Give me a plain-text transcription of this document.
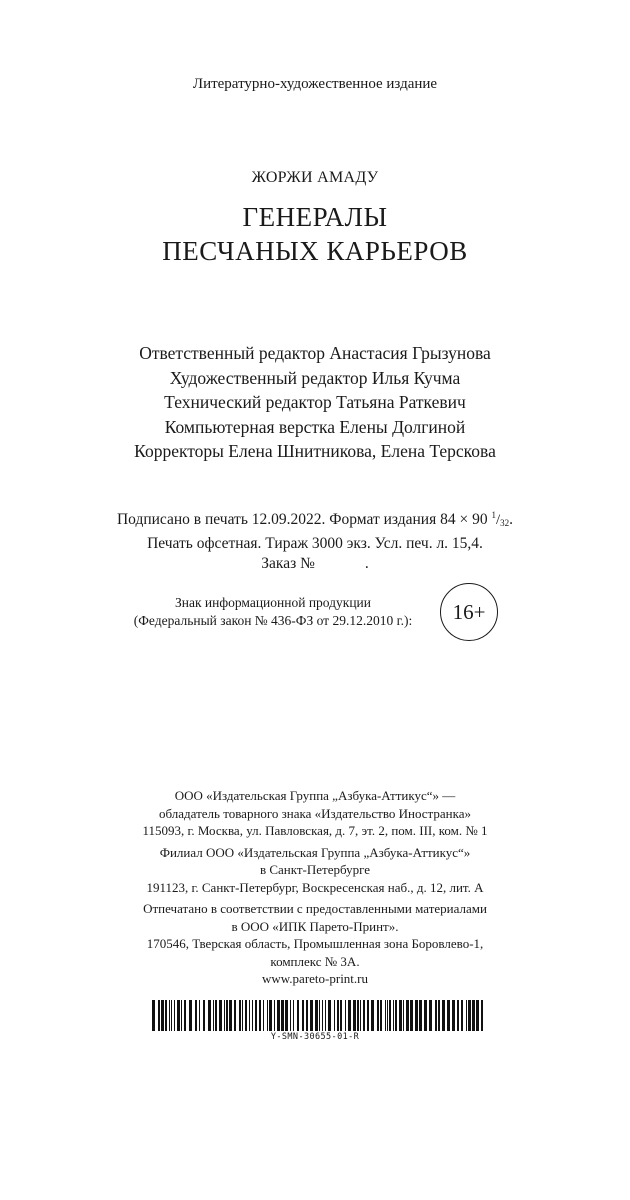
Литературно-художественное издание
ЖОРЖИ АМАДУ
ГЕНЕРАЛЫ
ПЕСЧАНЫХ КАРЬЕРОВ
Ответственный редактор Анастасия Грызунова
Художественный редактор Илья Кучма
Технический редактор Татьяна Раткевич
Компьютерная верстка Елены Долгиной
Корректоры Елена Шнитникова, Елена Терскова
Подписано в печать 12.09.2022. Формат издания 84 × 90 $^1/_{32}$.
Печать офсетная. Тираж 3000 экз. Усл. печ. л. 15,4.
Заказ №	.
Знак информационной продукции
(Федеральный закон № 436-ФЗ от 29.12.2010 г.):	16+
ООО «Издательская Группа „Азбука-Аттикус“» —
обладатель товарного знака «Издательство Иностранка»
115093, г. Москва, ул. Павловская, д. 7, эт. 2, пом. III, ком. № 1
Филиал ООО «Издательская Группа „Азбука-Аттикус“»
в Санкт-Петербурге
191123, г. Санкт-Петербург, Воскресенская наб., д. 12, лит. А
Отпечатано в соответствии с предоставленными материалами
в ООО «ИПК Парето-Принт».
170546, Тверская область, Промышленная зона Боровлево-1,
комплекс № 3А.
www.pareto-print.ru
Y-SMN-30655-01-R
